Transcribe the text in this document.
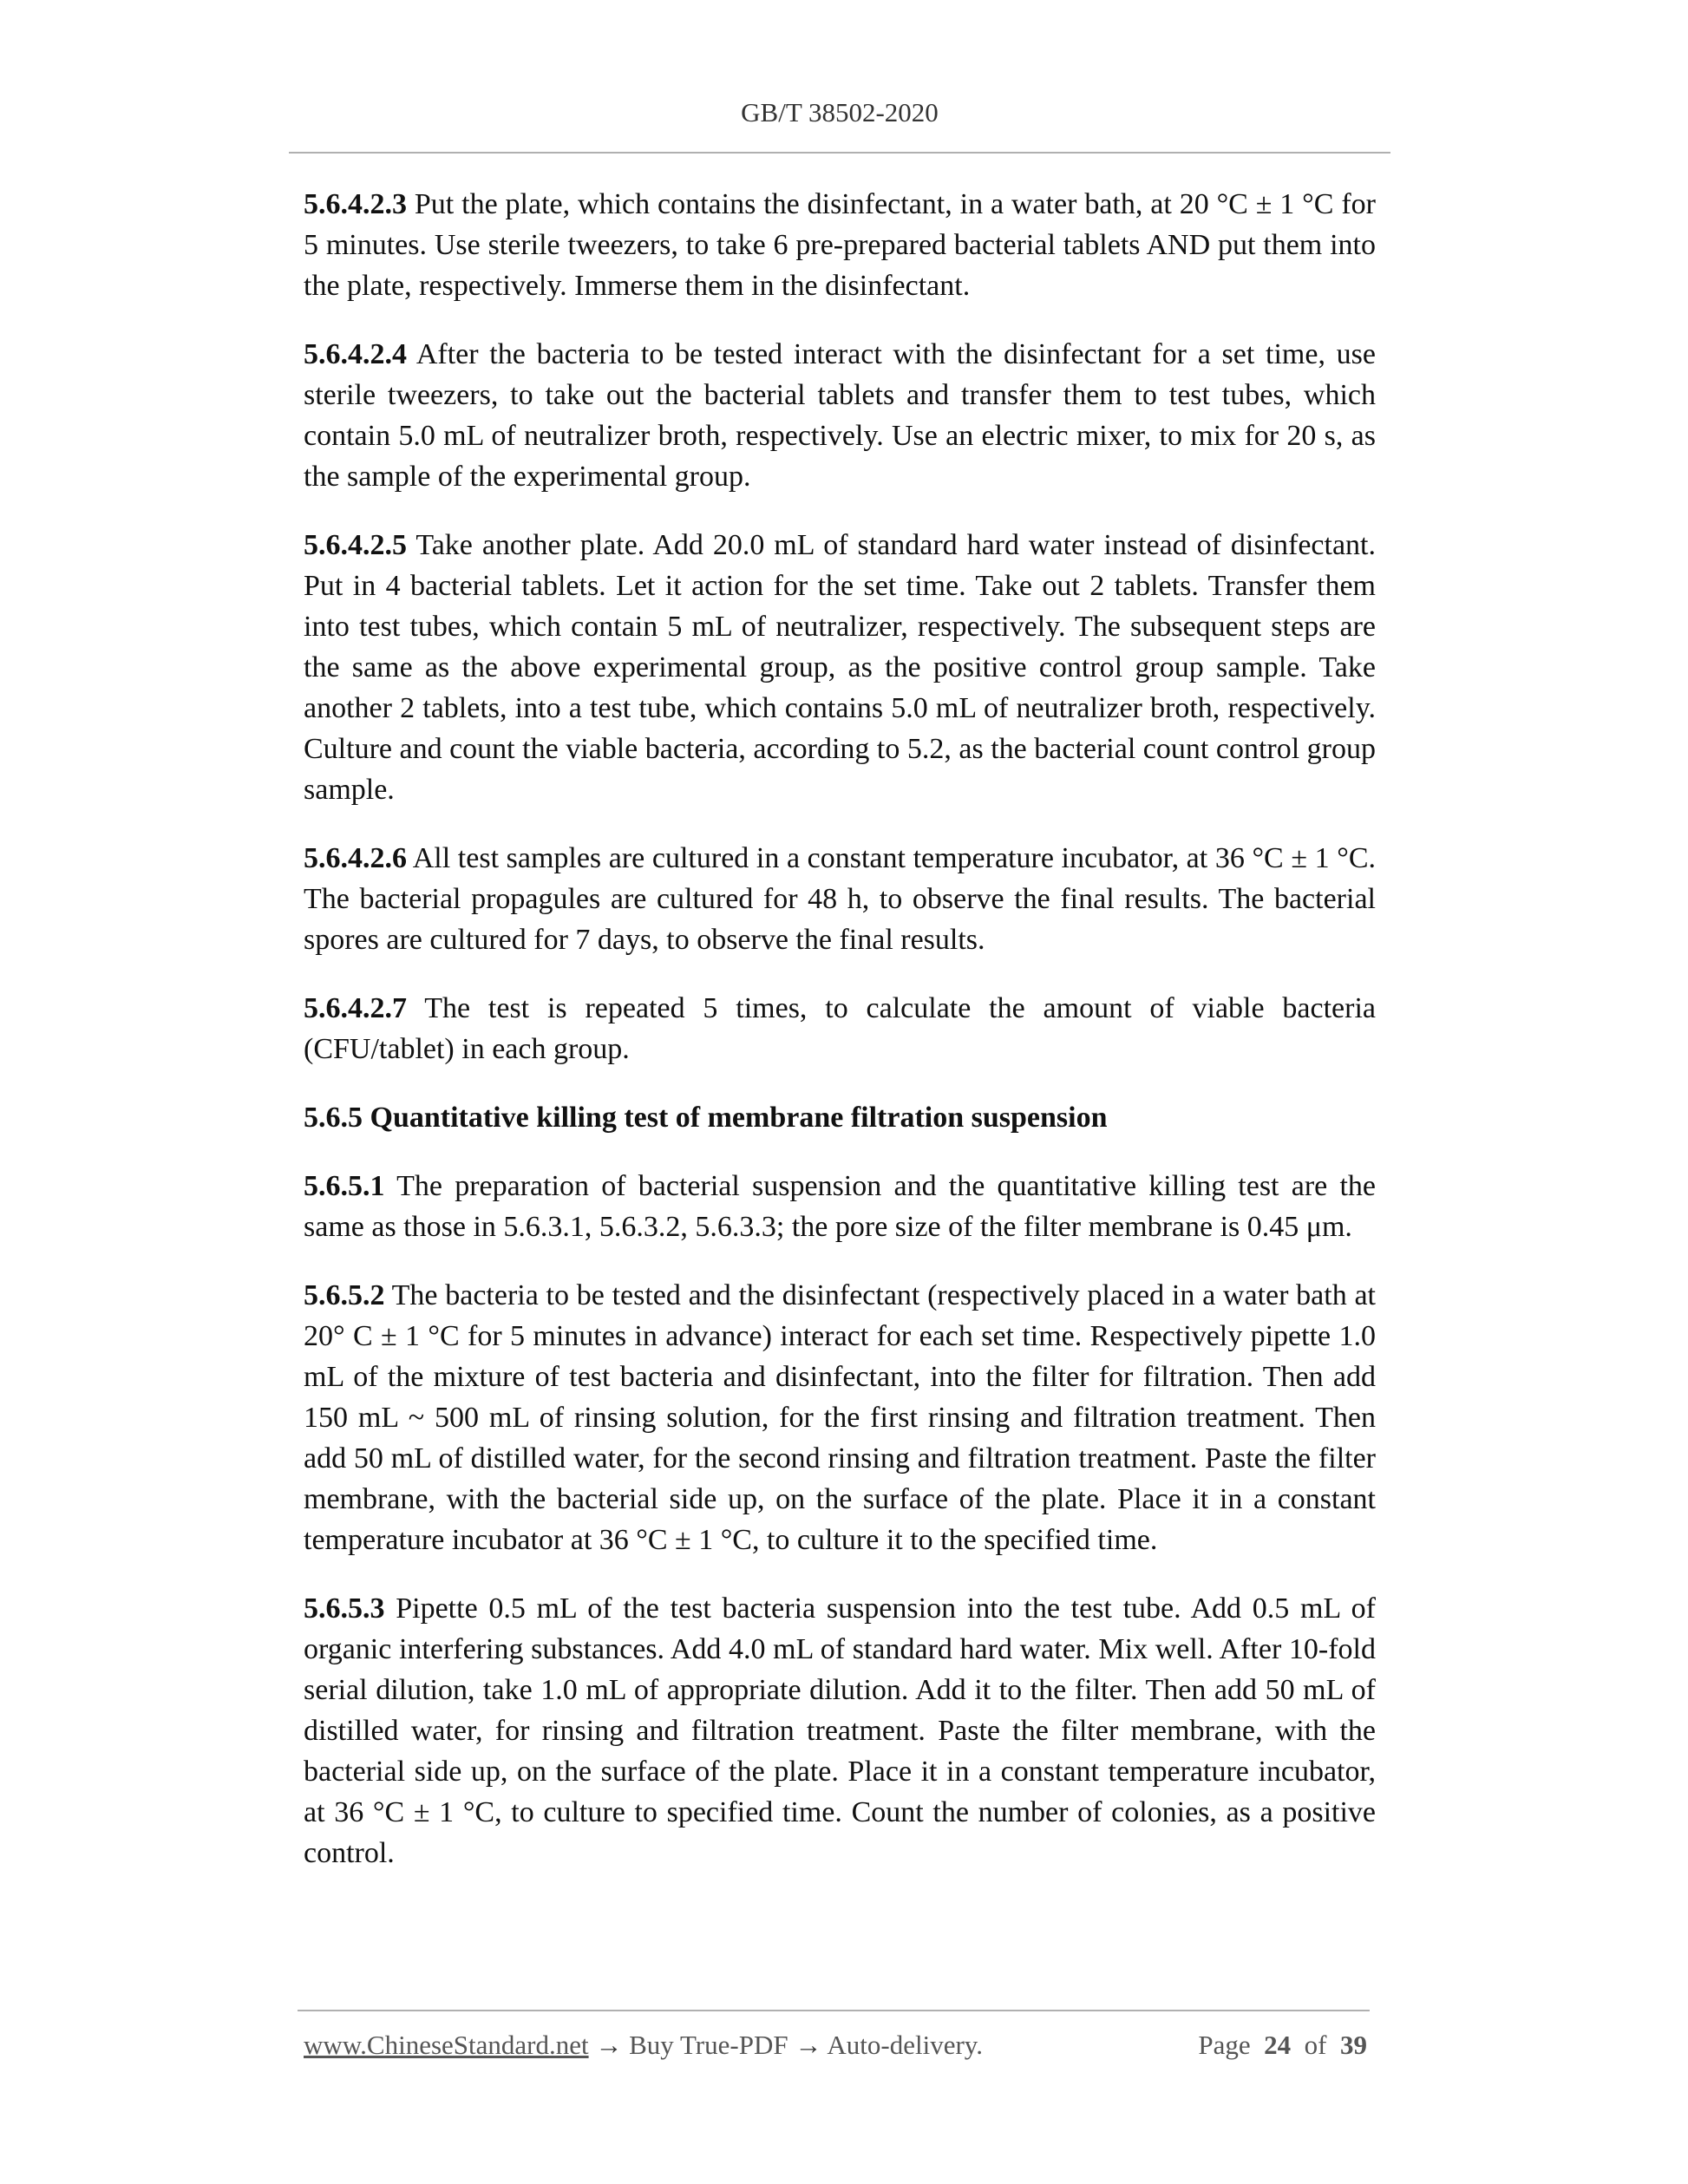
GB/T 38502-2020

5.6.4.2.3 Put the plate, which contains the disinfectant, in a water bath, at 20 °C ± 1 °C for 5 minutes. Use sterile tweezers, to take 6 pre-prepared bacterial tablets AND put them into the plate, respectively. Immerse them in the disinfectant.

5.6.4.2.4 After the bacteria to be tested interact with the disinfectant for a set time, use sterile tweezers, to take out the bacterial tablets and transfer them to test tubes, which contain 5.0 mL of neutralizer broth, respectively. Use an electric mixer, to mix for 20 s, as the sample of the experimental group.

5.6.4.2.5 Take another plate. Add 20.0 mL of standard hard water instead of disinfectant. Put in 4 bacterial tablets. Let it action for the set time. Take out 2 tablets. Transfer them into test tubes, which contain 5 mL of neutralizer, respectively. The subsequent steps are the same as the above experimental group, as the positive control group sample. Take another 2 tablets, into a test tube, which contains 5.0 mL of neutralizer broth, respectively. Culture and count the viable bacteria, according to 5.2, as the bacterial count control group sample.

5.6.4.2.6 All test samples are cultured in a constant temperature incubator, at 36 °C ± 1 °C. The bacterial propagules are cultured for 48 h, to observe the final results. The bacterial spores are cultured for 7 days, to observe the final results.

5.6.4.2.7 The test is repeated 5 times, to calculate the amount of viable bacteria (CFU/tablet) in each group.

5.6.5 Quantitative killing test of membrane filtration suspension

5.6.5.1 The preparation of bacterial suspension and the quantitative killing test are the same as those in 5.6.3.1, 5.6.3.2, 5.6.3.3; the pore size of the filter membrane is 0.45 μm.

5.6.5.2 The bacteria to be tested and the disinfectant (respectively placed in a water bath at 20° C ± 1 °C for 5 minutes in advance) interact for each set time. Respectively pipette 1.0 mL of the mixture of test bacteria and disinfectant, into the filter for filtration. Then add 150 mL ~ 500 mL of rinsing solution, for the first rinsing and filtration treatment. Then add 50 mL of distilled water, for the second rinsing and filtration treatment. Paste the filter membrane, with the bacterial side up, on the surface of the plate. Place it in a constant temperature incubator at 36 °C ± 1 °C, to culture it to the specified time.

5.6.5.3 Pipette 0.5 mL of the test bacteria suspension into the test tube. Add 0.5 mL of organic interfering substances. Add 4.0 mL of standard hard water. Mix well. After 10-fold serial dilution, take 1.0 mL of appropriate dilution. Add it to the filter. Then add 50 mL of distilled water, for rinsing and filtration treatment. Paste the filter membrane, with the bacterial side up, on the surface of the plate. Place it in a constant temperature incubator, at 36 °C ± 1 °C, to culture to specified time. Count the number of colonies, as a positive control.

www.ChineseStandard.net → Buy True-PDF → Auto-delivery.	Page 24 of 39
